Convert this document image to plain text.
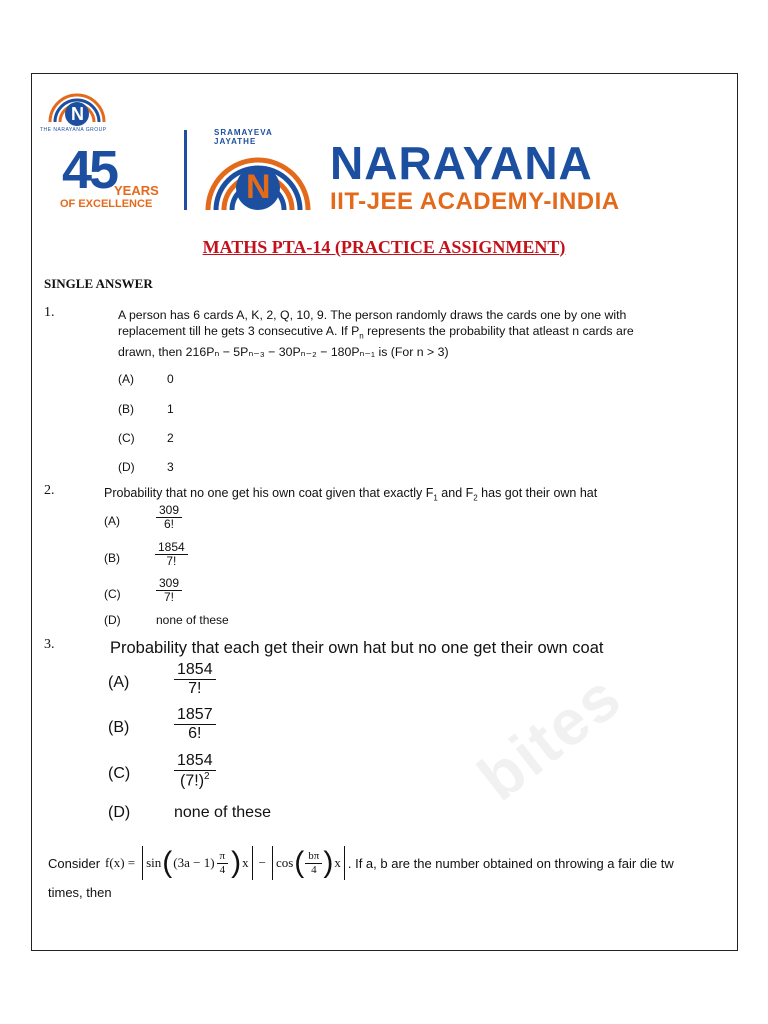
N
THE NARAYANA GROUP
45
YEARS
OF EXCELLENCE
SRAMAYEVA JAYATHE
N NARAYANA
IIT-JEE ACADEMY-INDIA
MATHS PTA-14 (PRACTICE ASSIGNMENT)
SINGLE ANSWER
1.	A person has 6 cards A, K, 2, Q, 10, 9. The person randomly draws the cards one by one with
replacement till he gets 3 consecutive A. If $P_n$ represents the probability that atleast n cards are
drawn, then 216Pₙ − 5Pₙ₋₃ − 30Pₙ₋₂ − 180Pₙ₋₁ is (For n > 3)
(A)	0
(B)	1
(C)	2
(D)	3
2.	Probability that no one get his own coat given that exactly $F_1$ and $F_2$ has got their own hat
(A)	$\frac{309}{6!}$
(B)	$\frac{1854}{7!}$
(C)	$\frac{309}{7!}$
(D)	none of these
3.	Probability that each get their own hat but no one get their own coat
(A)	$\frac{1854}{7!}$
(B)	$\frac{1857}{6!}$
(C)	$\frac{1854}{(7!)^2}$
(D)	none of these
Consider f(x) = sin ( $(3a - 1) \frac{\pi}{4}$ ) x − cos ( $\frac{b\pi}{4}$ ) x . If a, b are the number obtained on throwing a fair die tw
times, then
bites
